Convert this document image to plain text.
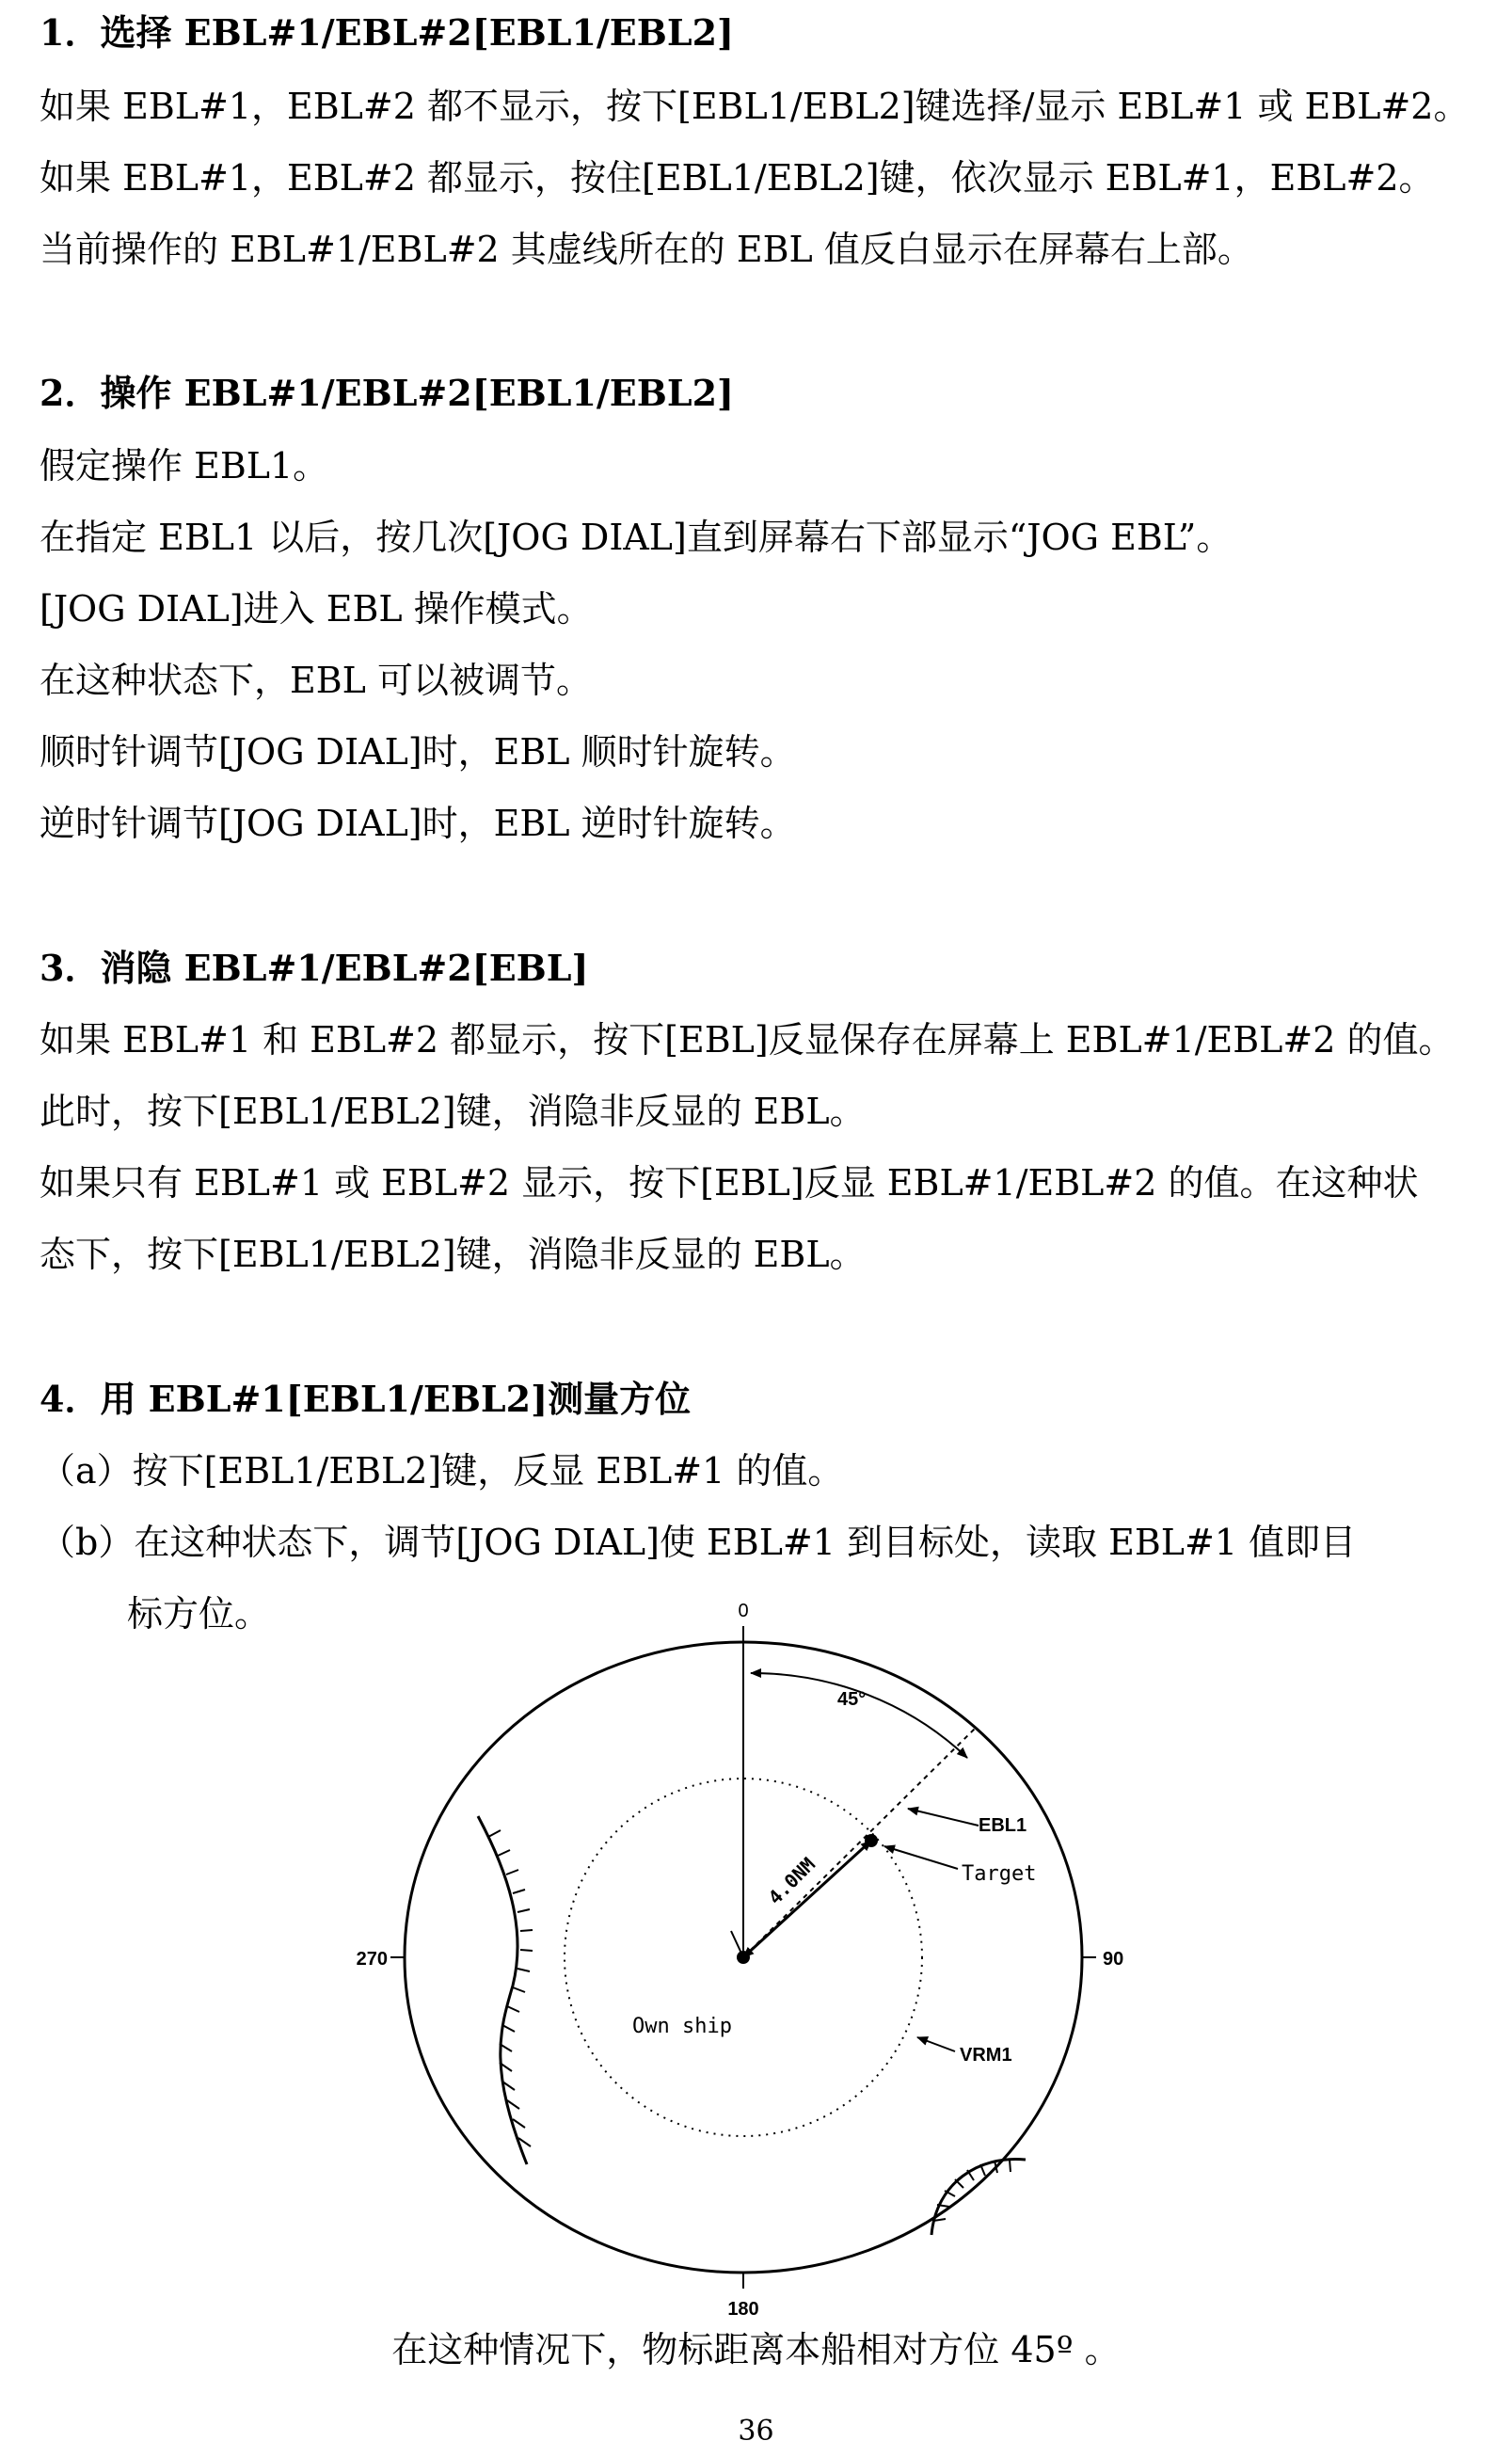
1．选择 EBL#1/EBL#2[EBL1/EBL2]
如果 EBL#1，EBL#2 都不显示，按下[EBL1/EBL2]键选择/显示 EBL#1 或 EBL#2。
如果 EBL#1，EBL#2 都显示，按住[EBL1/EBL2]键，依次显示 EBL#1，EBL#2。
当前操作的 EBL#1/EBL#2 其虚线所在的 EBL 值反白显示在屏幕右上部。
2．操作 EBL#1/EBL#2[EBL1/EBL2]
假定操作 EBL1。
在指定 EBL1 以后，按几次[JOG DIAL]直到屏幕右下部显示“JOG EBL”。
[JOG DIAL]进入 EBL 操作模式。
在这种状态下，EBL 可以被调节。
顺时针调节[JOG DIAL]时，EBL 顺时针旋转。
逆时针调节[JOG DIAL]时，EBL 逆时针旋转。
3．消隐 EBL#1/EBL#2[EBL]
如果 EBL#1 和 EBL#2 都显示，按下[EBL]反显保存在屏幕上 EBL#1/EBL#2 的值。
此时，按下[EBL1/EBL2]键，消隐非反显的 EBL。
如果只有 EBL#1 或 EBL#2 显示，按下[EBL]反显 EBL#1/EBL#2 的值。在这种状
态下，按下[EBL1/EBL2]键，消隐非反显的 EBL。
4．用 EBL#1[EBL1/EBL2]测量方位
（a）按下[EBL1/EBL2]键，反显 EBL#1 的值。
（b）在这种状态下，调节[JOG DIAL]使 EBL#1 到目标处，读取 EBL#1 值即目
标方位。	0
90
180
270
45°
EBL1
Target
4.0NM
Own ship
VRM1
在这种情况下，物标距离本船相对方位 45º 。
36
